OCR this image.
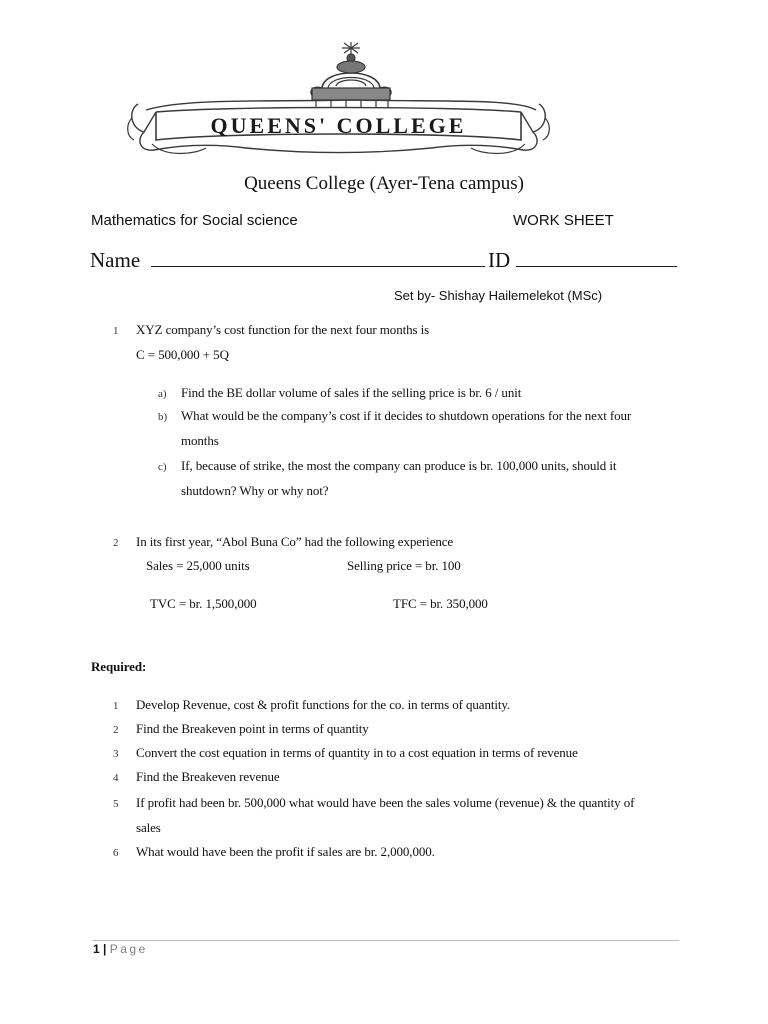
QUEENS' COLLEGE
Queens College (Ayer-Tena campus)
Mathematics for Social science	WORK SHEET
Name	ID
Set by- Shishay Hailemelekot (MSc)
1 XYZ company’s cost function for the next four months is
C = 500,000 + 5Q
a) Find the BE dollar volume of sales if the selling price is br. 6 / unit
b) What would be the company’s cost if it decides to shutdown operations for the next four
months
c) If, because of strike, the most the company can produce is br. 100,000 units, should it
shutdown? Why or why not?
2 In its first year, “Abol Buna Co” had the following experience
Sales = 25,000 units	Selling price = br. 100
TVC = br. 1,500,000	TFC = br. 350,000
Required:
1 Develop Revenue, cost & profit functions for the co. in terms of quantity.
2 Find the Breakeven point in terms of quantity
3 Convert the cost equation in terms of quantity in to a cost equation in terms of revenue
4 Find the Breakeven revenue
5 If profit had been br. 500,000 what would have been the sales volume (revenue) & the quantity of
sales
6 What would have been the profit if sales are br. 2,000,000.
1 | Page
